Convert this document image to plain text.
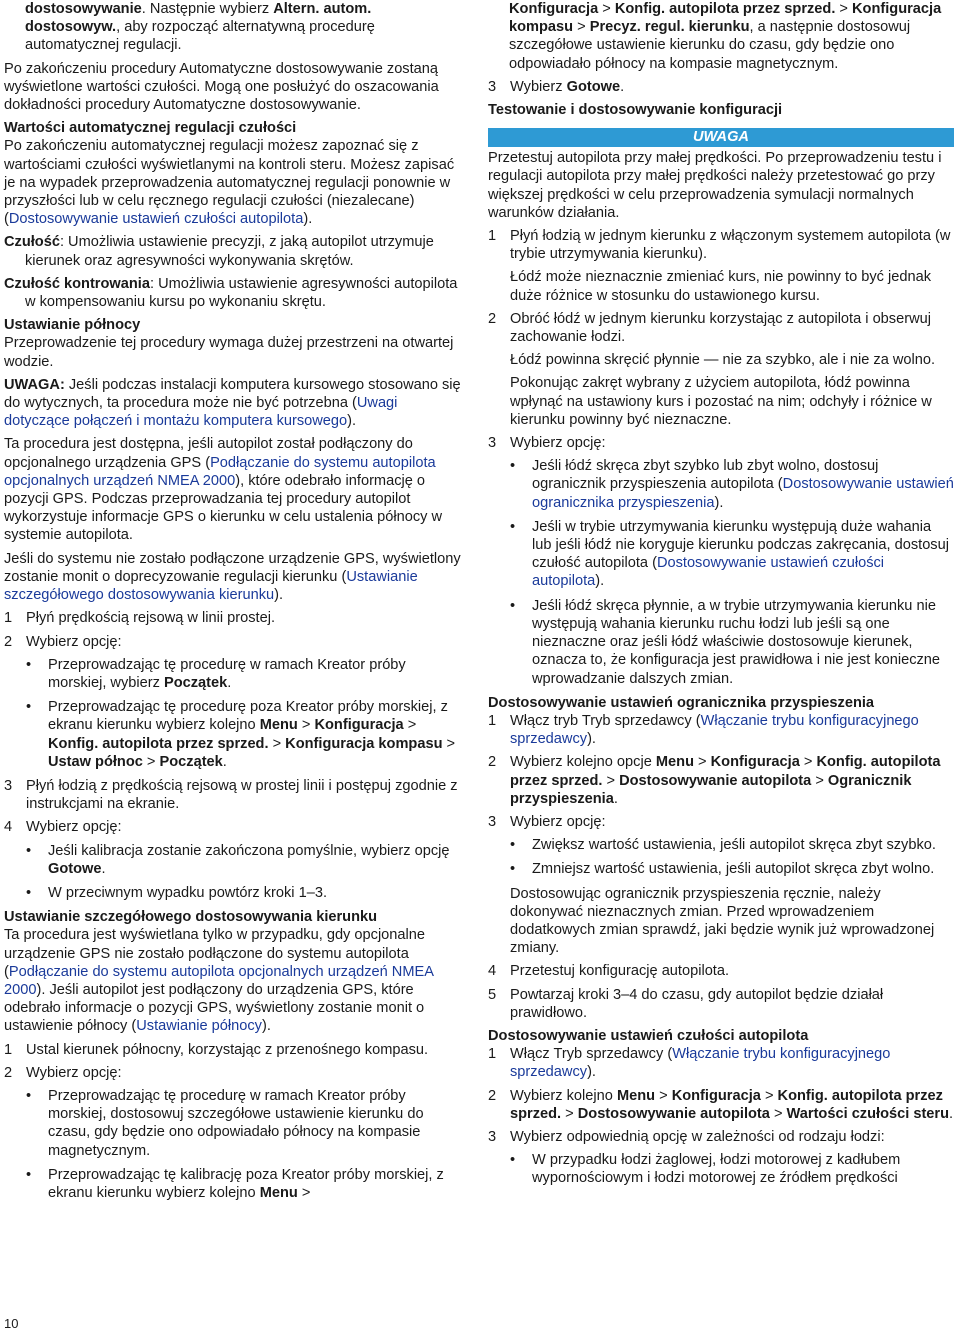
dostosowywanie. Następnie wybierz Altern. autom. dostosowyw., aby rozpocząć alternatywną procedurę automatycznej regulacji.
Po zakończeniu procedury Automatyczne dostosowywanie zostaną wyświetlone wartości czułości. Mogą one posłużyć do oszacowania dokładności procedury Automatyczne dostosowywanie.
Wartości automatycznej regulacji czułości
Po zakończeniu automatycznej regulacji możesz zapoznać się z wartościami czułości wyświetlanymi na kontroli steru. Możesz zapisać je na wypadek przeprowadzenia automatycznej regulacji ponownie w przyszłości lub w celu ręcznego regulacji czułości (niezalecane) (Dostosowywanie ustawień czułości autopilota).
Czułość: Umożliwia ustawienie precyzji, z jaką autopilot utrzymuje kierunek oraz agresywności wykonywania skrętów.
Czułość kontrowania: Umożliwia ustawienie agresywności autopilota w kompensowaniu kursu po wykonaniu skrętu.
Ustawianie północy
Przeprowadzenie tej procedury wymaga dużej przestrzeni na otwartej wodzie.
UWAGA: Jeśli podczas instalacji komputera kursowego stosowano się do wytycznych, ta procedura może nie być potrzebna (Uwagi dotyczące połączeń i montażu komputera kursowego).
Ta procedura jest dostępna, jeśli autopilot został podłączony do opcjonalnego urządzenia GPS (Podłączanie do systemu autopilota opcjonalnych urządzeń NMEA 2000), które odebrało informację o pozycji GPS. Podczas przeprowadzania tej procedury autopilot wykorzystuje informacje GPS o kierunku w celu ustalenia północy w systemie autopilota.
Jeśli do systemu nie zostało podłączone urządzenie GPS, wyświetlony zostanie monit o doprecyzowanie regulacji kierunku (Ustawianie szczegółowego dostosowywania kierunku).
1 Płyń prędkością rejsową w linii prostej.
2 Wybierz opcję:
• Przeprowadzając tę procedurę w ramach Kreator próby morskiej, wybierz Początek.
• Przeprowadzając tę procedurę poza Kreator próby morskiej, z ekranu kierunku wybierz kolejno Menu > Konfiguracja > Konfig. autopilota przez sprzed. > Konfiguracja kompasu > Ustaw północ > Początek.
3 Płyń łodzią z prędkością rejsową w prostej linii i postępuj zgodnie z instrukcjami na ekranie.
4 Wybierz opcję:
• Jeśli kalibracja zostanie zakończona pomyślnie, wybierz opcję Gotowe.
• W przeciwnym wypadku powtórz kroki 1–3.
Ustawianie szczegółowego dostosowywania kierunku
Ta procedura jest wyświetlana tylko w przypadku, gdy opcjonalne urządzenie GPS nie zostało podłączone do systemu autopilota (Podłączanie do systemu autopilota opcjonalnych urządzeń NMEA 2000). Jeśli autopilot jest podłączony do urządzenia GPS, które odebrało informacje o pozycji GPS, wyświetlony zostanie monit o ustawienie północy (Ustawianie północy).
1 Ustal kierunek północny, korzystając z przenośnego kompasu.
2 Wybierz opcję:
• Przeprowadzając tę procedurę w ramach Kreator próby morskiej, dostosowuj szczegółowe ustawienie kierunku do czasu, gdy będzie ono odpowiadało północy na kompasie magnetycznym.
• Przeprowadzając tę kalibrację poza Kreator próby morskiej, z ekranu kierunku wybierz kolejno Menu >
Konfiguracja > Konfig. autopilota przez sprzed. > Konfiguracja kompasu > Precyz. regul. kierunku, a następnie dostosowuj szczegółowe ustawienie kierunku do czasu, gdy będzie ono odpowiadało północy na kompasie magnetycznym.
3 Wybierz Gotowe.
Testowanie i dostosowywanie konfiguracji
UWAGA
Przetestuj autopilota przy małej prędkości. Po przeprowadzeniu testu i regulacji autopilota przy małej prędkości należy przetestować go przy większej prędkości w celu przeprowadzenia symulacji normalnych warunków działania.
1 Płyń łodzią w jednym kierunku z włączonym systemem autopilota (w trybie utrzymywania kierunku).
Łódź może nieznacznie zmieniać kurs, nie powinny to być jednak duże różnice w stosunku do ustawionego kursu.
2 Obróć łódź w jednym kierunku korzystając z autopilota i obserwuj zachowanie łodzi.
Łódź powinna skręcić płynnie — nie za szybko, ale i nie za wolno.
Pokonując zakręt wybrany z użyciem autopilota, łódź powinna wpłynąć na ustawiony kurs i pozostać na nim; odchyły i różnice w kierunku powinny być nieznaczne.
3 Wybierz opcję:
• Jeśli łódź skręca zbyt szybko lub zbyt wolno, dostosuj ogranicznik przyspieszenia autopilota (Dostosowywanie ustawień ogranicznika przyspieszenia).
• Jeśli w trybie utrzymywania kierunku występują duże wahania lub jeśli łódź nie koryguje kierunku podczas zakręcania, dostosuj czułość autopilota (Dostosowywanie ustawień czułości autopilota).
• Jeśli łódź skręca płynnie, a w trybie utrzymywania kierunku nie występują wahania kierunku ruchu łodzi lub jeśli są one nieznaczne oraz jeśli łódź właściwie dostosowuje kierunek, oznacza to, że konfiguracja jest prawidłowa i nie jest konieczne wprowadzanie dalszych zmian.
Dostosowywanie ustawień ogranicznika przyspieszenia
1 Włącz tryb Tryb sprzedawcy (Włączanie trybu konfiguracyjnego sprzedawcy).
2 Wybierz kolejno opcje Menu > Konfiguracja > Konfig. autopilota przez sprzed. > Dostosowywanie autopilota > Ogranicznik przyspieszenia.
3 Wybierz opcję:
• Zwiększ wartość ustawienia, jeśli autopilot skręca zbyt szybko.
• Zmniejsz wartość ustawienia, jeśli autopilot skręca zbyt wolno.
Dostosowując ogranicznik przyspieszenia ręcznie, należy dokonywać nieznacznych zmian. Przed wprowadzeniem dodatkowych zmian sprawdź, jaki będzie wynik już wprowadzonej zmiany.
4 Przetestuj konfigurację autopilota.
5 Powtarzaj kroki 3–4 do czasu, gdy autopilot będzie działał prawidłowo.
Dostosowywanie ustawień czułości autopilota
1 Włącz Tryb sprzedawcy (Włączanie trybu konfiguracyjnego sprzedawcy).
2 Wybierz kolejno Menu > Konfiguracja > Konfig. autopilota przez sprzed. > Dostosowywanie autopilota > Wartości czułości steru.
3 Wybierz odpowiednią opcję w zależności od rodzaju łodzi:
• W przypadku łodzi żaglowej, łodzi motorowej z kadłubem wypornościowym i łodzi motorowej ze źródłem prędkości
10
